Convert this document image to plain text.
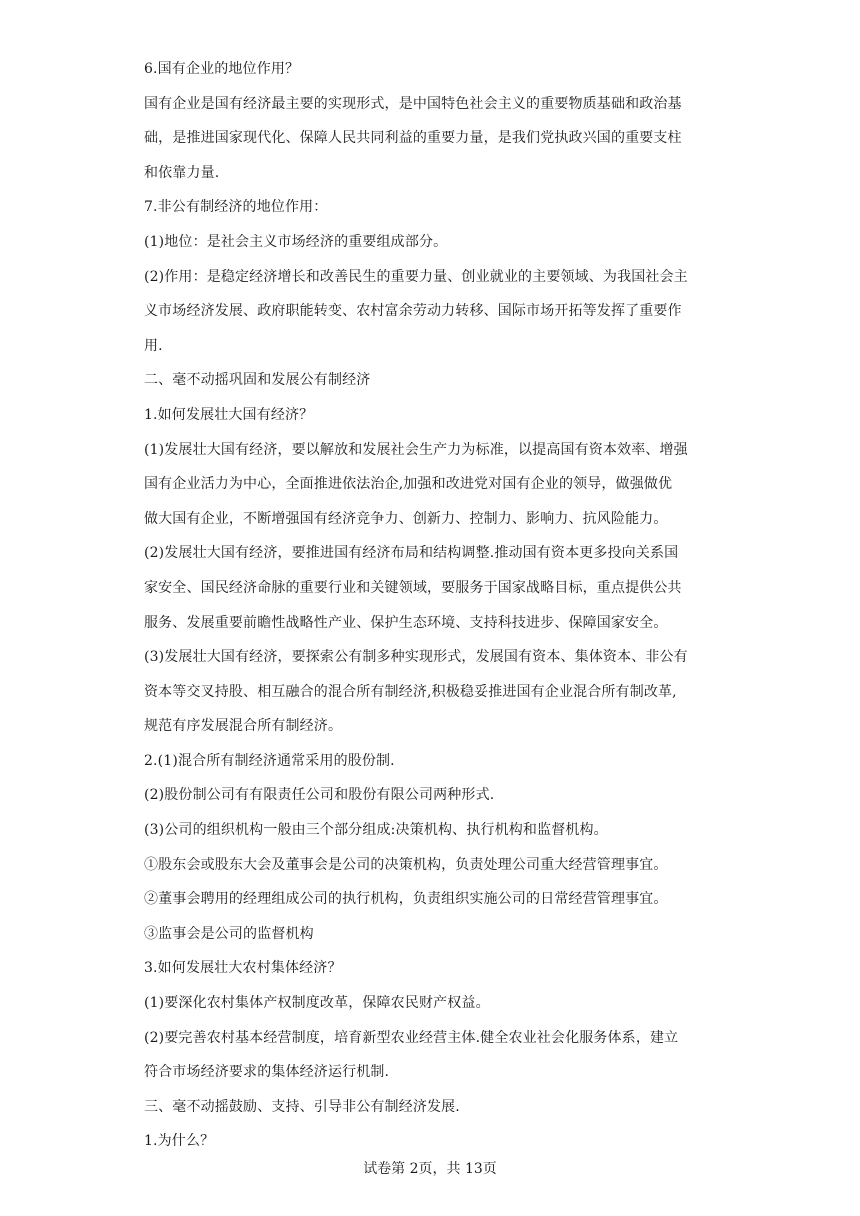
6.国有企业的地位作用？
国有企业是国有经济最主要的实现形式，是中国特色社会主义的重要物质基础和政治基
础，是推进国家现代化、保障人民共同利益的重要力量，是我们党执政兴国的重要支柱
和依靠力量.
7.非公有制经济的地位作用：
(1)地位：是社会主义市场经济的重要组成部分。
(2)作用：是稳定经济增长和改善民生的重要力量、创业就业的主要领域、为我国社会主
义市场经济发展、政府职能转变、农村富余劳动力转移、国际市场开拓等发挥了重要作
用.
二、毫不动摇巩固和发展公有制经济
1.如何发展壮大国有经济？
(1)发展壮大国有经济，要以解放和发展社会生产力为标准，以提高国有资本效率、增强
国有企业活力为中心，全面推进依法治企,加强和改进党对国有企业的领导，做强做优
做大国有企业，不断增强国有经济竞争力、创新力、控制力、影响力、抗风险能力。
(2)发展壮大国有经济，要推进国有经济布局和结构调整.推动国有资本更多投向关系国
家安全、国民经济命脉的重要行业和关键领域，要服务于国家战略目标，重点提供公共
服务、发展重要前瞻性战略性产业、保护生态环境、支持科技进步、保障国家安全。
(3)发展壮大国有经济，要探索公有制多种实现形式，发展国有资本、集体资本、非公有
资本等交叉持股、相互融合的混合所有制经济,积极稳妥推进国有企业混合所有制改革,
规范有序发展混合所有制经济。
2.(1)混合所有制经济通常采用的股份制.
(2)股份制公司有有限责任公司和股份有限公司两种形式.
(3)公司的组织机构一般由三个部分组成:决策机构、执行机构和监督机构。
①股东会或股东大会及董事会是公司的决策机构，负责处理公司重大经营管理事宜。
②董事会聘用的经理组成公司的执行机构，负责组织实施公司的日常经营管理事宜。
③监事会是公司的监督机构
3.如何发展壮大农村集体经济？
(1)要深化农村集体产权制度改革，保障农民财产权益。
(2)要完善农村基本经营制度，培育新型农业经营主体.健全农业社会化服务体系，建立
符合市场经济要求的集体经济运行机制.
三、毫不动摇鼓励、支持、引导非公有制经济发展.
1.为什么？
试卷第 2页，共 13页
